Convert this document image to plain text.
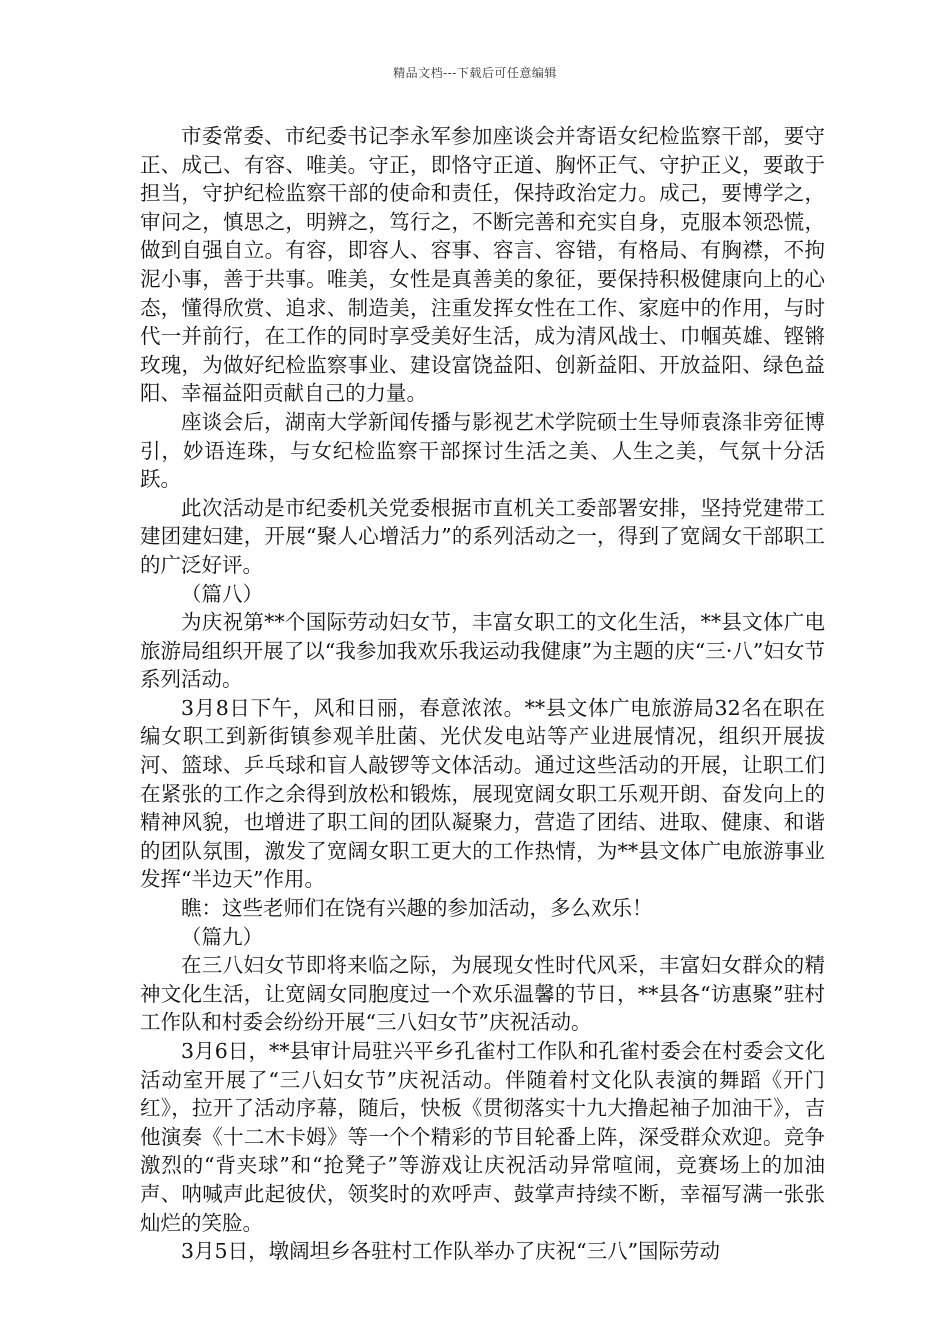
精品文档---下载后可任意编辑

市委常委、市纪委书记李永军参加座谈会并寄语女纪检监察干部，要守正、成己、有容、唯美。守正，即恪守正道、胸怀正气、守护正义，要敢于担当，守护纪检监察干部的使命和责任，保持政治定力。成己，要博学之，审问之，慎思之，明辨之，笃行之，不断完善和充实自身，克服本领恐慌，做到自强自立。有容，即容人、容事、容言、容错，有格局、有胸襟，不拘泥小事，善于共事。唯美，女性是真善美的象征，要保持积极健康向上的心态，懂得欣赏、追求、制造美，注重发挥女性在工作、家庭中的作用，与时代一并前行，在工作的同时享受美好生活，成为清风战士、巾帼英雄、铿锵玫瑰，为做好纪检监察事业、建设富饶益阳、创新益阳、开放益阳、绿色益阳、幸福益阳贡献自己的力量。

座谈会后，湖南大学新闻传播与影视艺术学院硕士生导师袁涤非旁征博引，妙语连珠，与女纪检监察干部探讨生活之美、人生之美，气氛十分活跃。

此次活动是市纪委机关党委根据市直机关工委部署安排，坚持党建带工建团建妇建，开展“聚人心增活力”的系列活动之一，得到了宽阔女干部职工的广泛好评。

（篇八）

为庆祝第**个国际劳动妇女节，丰富女职工的文化生活，**县文体广电旅游局组织开展了以“我参加我欢乐我运动我健康”为主题的庆“三·八”妇女节系列活动。

3月8日下午，风和日丽，春意浓浓。**县文体广电旅游局32名在职在编女职工到新街镇参观羊肚菌、光伏发电站等产业进展情况，组织开展拔河、篮球、乒乓球和盲人敲锣等文体活动。通过这些活动的开展，让职工们在紧张的工作之余得到放松和锻炼，展现宽阔女职工乐观开朗、奋发向上的精神风貌，也增进了职工间的团队凝聚力，营造了团结、进取、健康、和谐的团队氛围，激发了宽阔女职工更大的工作热情，为**县文体广电旅游事业发挥“半边天”作用。

瞧：这些老师们在饶有兴趣的参加活动，多么欢乐！

（篇九）

在三八妇女节即将来临之际，为展现女性时代风采，丰富妇女群众的精神文化生活，让宽阔女同胞度过一个欢乐温馨的节日，**县各“访惠聚”驻村工作队和村委会纷纷开展“三八妇女节”庆祝活动。

3月6日，**县审计局驻兴平乡孔雀村工作队和孔雀村委会在村委会文化活动室开展了“三八妇女节”庆祝活动。伴随着村文化队表演的舞蹈《开门红》，拉开了活动序幕，随后，快板《贯彻落实十九大撸起袖子加油干》，吉他演奏《十二木卡姆》等一个个精彩的节目轮番上阵，深受群众欢迎。竞争激烈的“背夹球”和“抢凳子”等游戏让庆祝活动异常喧闹，竞赛场上的加油声、呐喊声此起彼伏，领奖时的欢呼声、鼓掌声持续不断，幸福写满一张张灿烂的笑脸。

3月5日，墩阔坦乡各驻村工作队举办了庆祝“三八”国际劳动
